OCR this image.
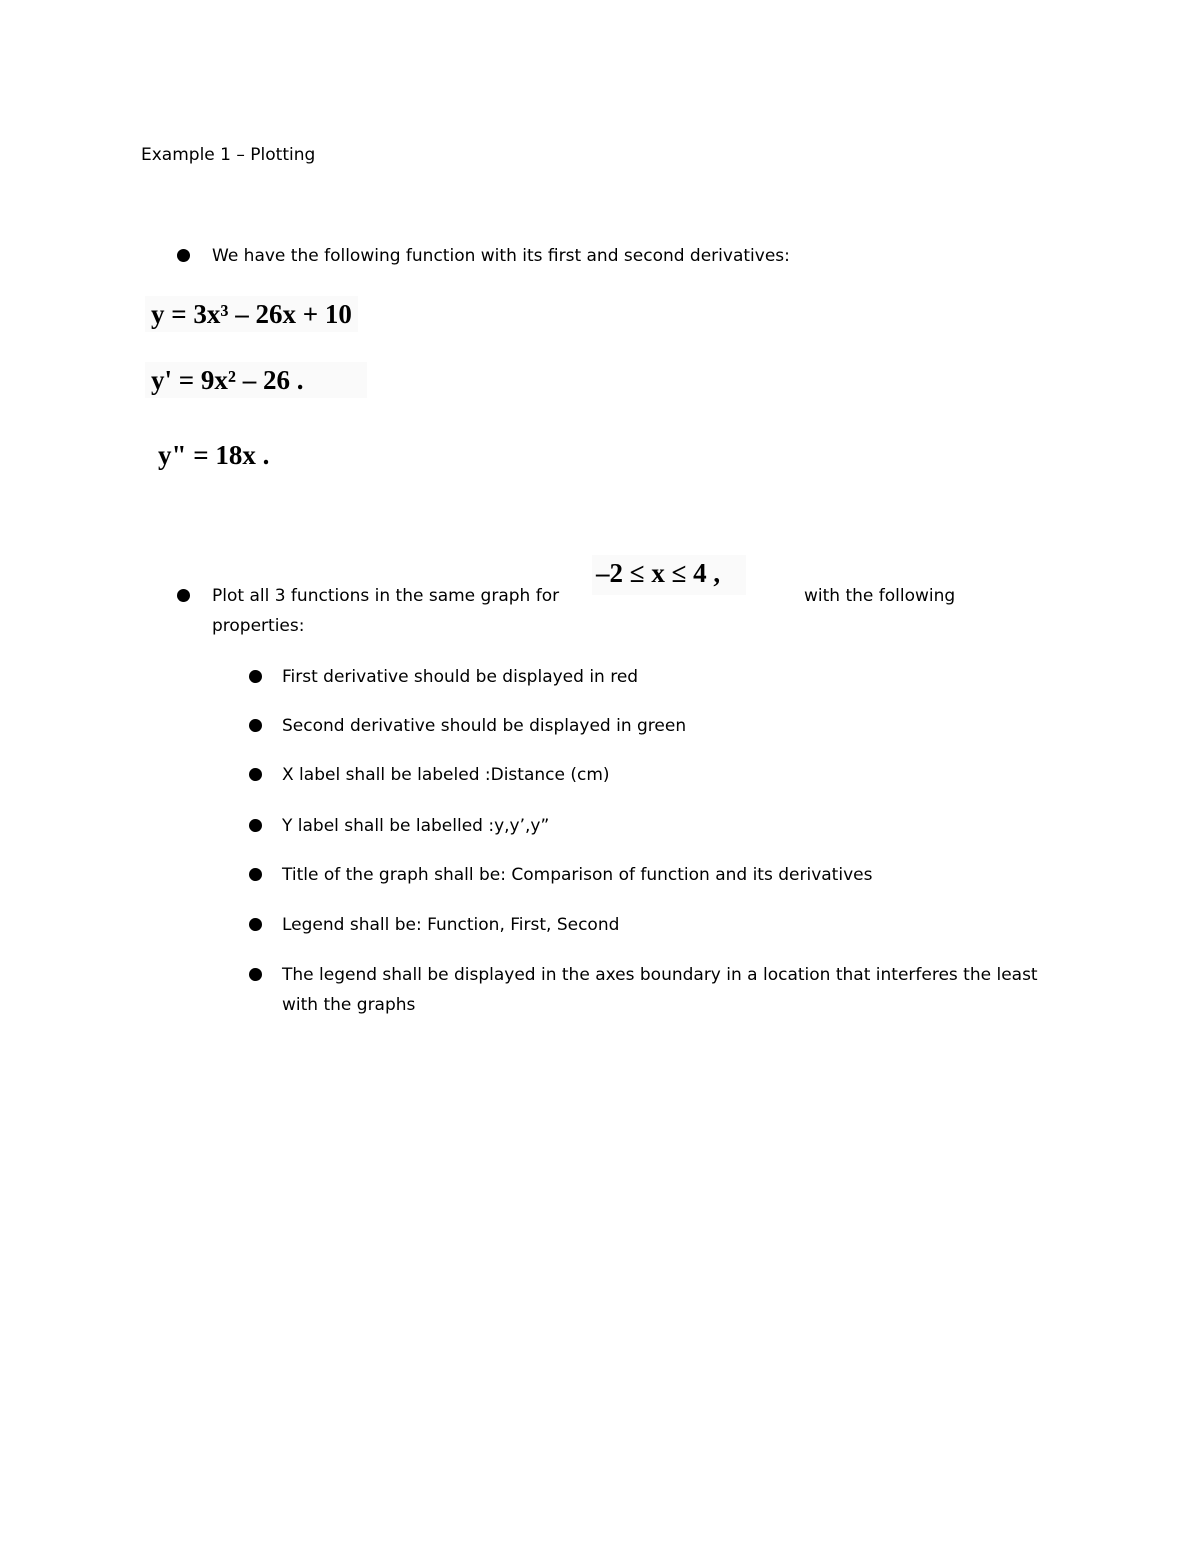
Example 1 – Plotting
We have the following function with its first and second derivatives:
y = 3x³ – 26x + 10
y' = 9x² – 26 .
y" = 18x .
–2 ≤ x ≤ 4 ,
Plot all 3 functions in the same graph for	with the following
properties:
First derivative should be displayed in red
Second derivative should be displayed in green
X label shall be labeled :Distance (cm)
Y label shall be labelled :y,y’,y”
Title of the graph shall be: Comparison of function and its derivatives
Legend shall be: Function, First, Second
The legend shall be displayed in the axes boundary in a location that interferes the least
with the graphs
